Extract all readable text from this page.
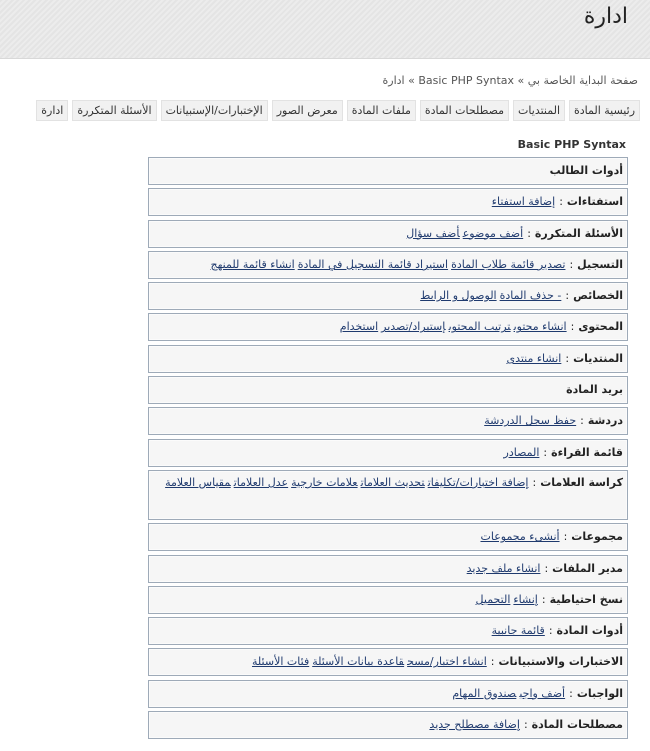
ادارة
صفحة البداية الخاصة بي » Basic PHP Syntax » ادارة
رئيسية المادة
المنتديات
مصطلحات المادة
ملفات المادة
معرض الصور
الإختبارات/الإستبيانات
الأسئلة المتكررة
ادارة
Basic PHP Syntax
أدوات الطالب
استفتاءات:إضافة استفتاء
الأسئلة المتكررة:أضف موضوعأضف سؤال
التسجيل:تصدير قائمة طلاب المادةاستيراد قائمة التسجيل في المادةانشاء قائمة للمنهج
الخصائص:- حذف المادةالوصول و الرابط
المحتوى:انشاء محتوىترتيب المحتوىإستيراد/تصديراستخدام
المنتديات:انشاء منتدى
بريد المادة
دردشة:حفظ سجل الدردشة
قائمة القراءة:المصادر
كراسة العلامات:إضافة اختبارات/تكليفاتتحديث العلاماتعلامات خارجيةعدل العلاماتمقياس العلامة
مجموعات:أنشىء مجموعات
مدير الملفات:انشاء ملف جديد
نسخ احتياطية:إنشاءالتحميل
أدوات المادة:قائمة جانبية
الاختبارات والاستبيانات:انشاء اختبار/مسحقاعدة بيانات الأسئلةفئات الأسئلة
الواجبات:أضف واجبصندوق المهام
مصطلحات المادة:إضافة مصطلح جديد
